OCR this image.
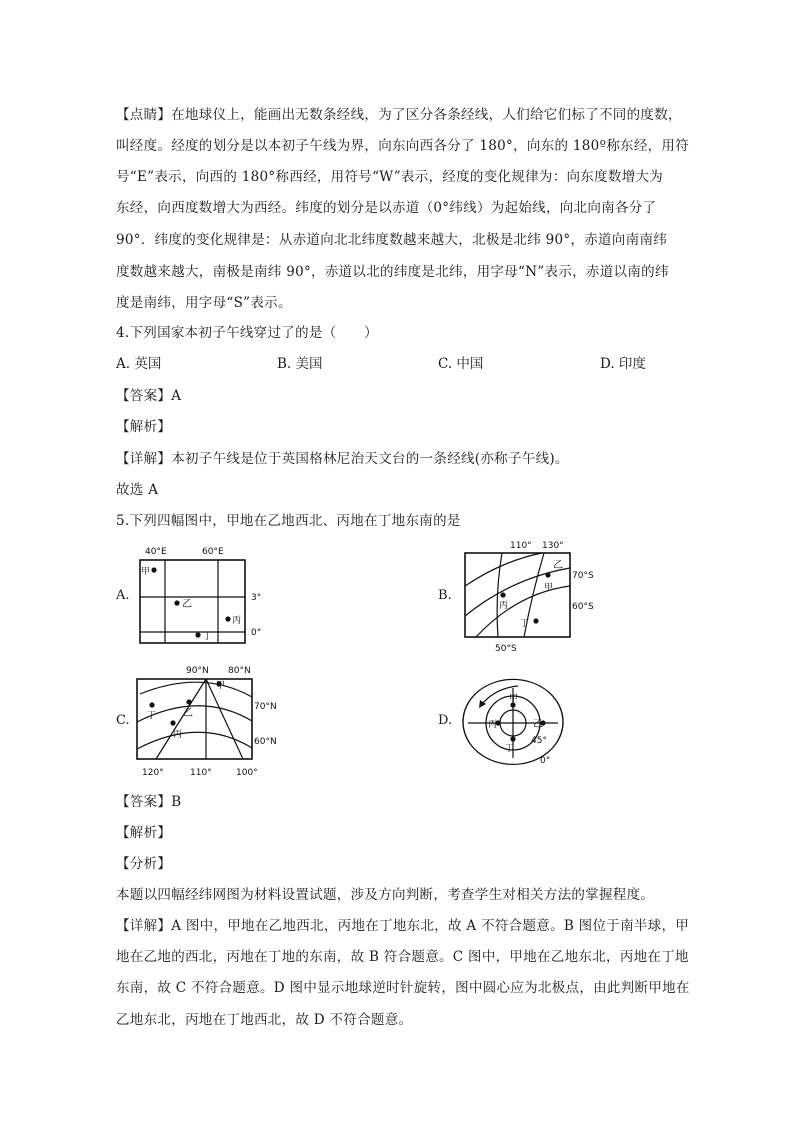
【点睛】在地球仪上，能画出无数条经线，为了区分各条经线，人们给它们标了不同的度数，
叫经度。经度的划分是以本初子午线为界，向东向西各分了 180°，向东的 180º称东经，用符
号“E”表示，向西的 180°称西经，用符号“W”表示，经度的变化规律为：向东度数增大为
东经，向西度数增大为西经。纬度的划分是以赤道（0°纬线）为起始线，向北向南各分了
90°．纬度的变化规律是：从赤道向北北纬度数越来越大，北极是北纬 90°，赤道向南南纬
度数越来越大，南极是南纬 90°，赤道以北的纬度是北纬，用字母“N”表示，赤道以南的纬
度是南纬，用字母“S”表示。
4.下列国家本初子午线穿过了的是（　　）
A. 英国	B. 美国	C. 中国	D. 印度
【答案】A
【解析】
【详解】本初子午线是位于英国格林尼治天文台的一条经线(亦称子午线)。
故选 A
5.下列四幅图中，甲地在乙地西北、丙地在丁地东南的是
A.	B.
C.	D.
40°E	60°E
3°
0°
甲
乙
丙
丁
110° 130°
70°S
60°S
50°S
甲
乙
丙
丁
90°N 80°N
70°N
60°N
120°	110°	100°
甲
乙
丁
丙
甲
丙	乙
丁
45°
0°
【答案】B
【解析】
【分析】
本题以四幅经纬网图为材料设置试题，涉及方向判断，考查学生对相关方法的掌握程度。
【详解】A 图中，甲地在乙地西北，丙地在丁地东北，故 A 不符合题意。B 图位于南半球，甲
地在乙地的西北，丙地在丁地的东南，故 B 符合题意。C 图中，甲地在乙地东北，丙地在丁地
东南，故 C 不符合题意。D 图中显示地球逆时针旋转，图中圆心应为北极点，由此判断甲地在
乙地东北，丙地在丁地西北，故 D 不符合题意。
